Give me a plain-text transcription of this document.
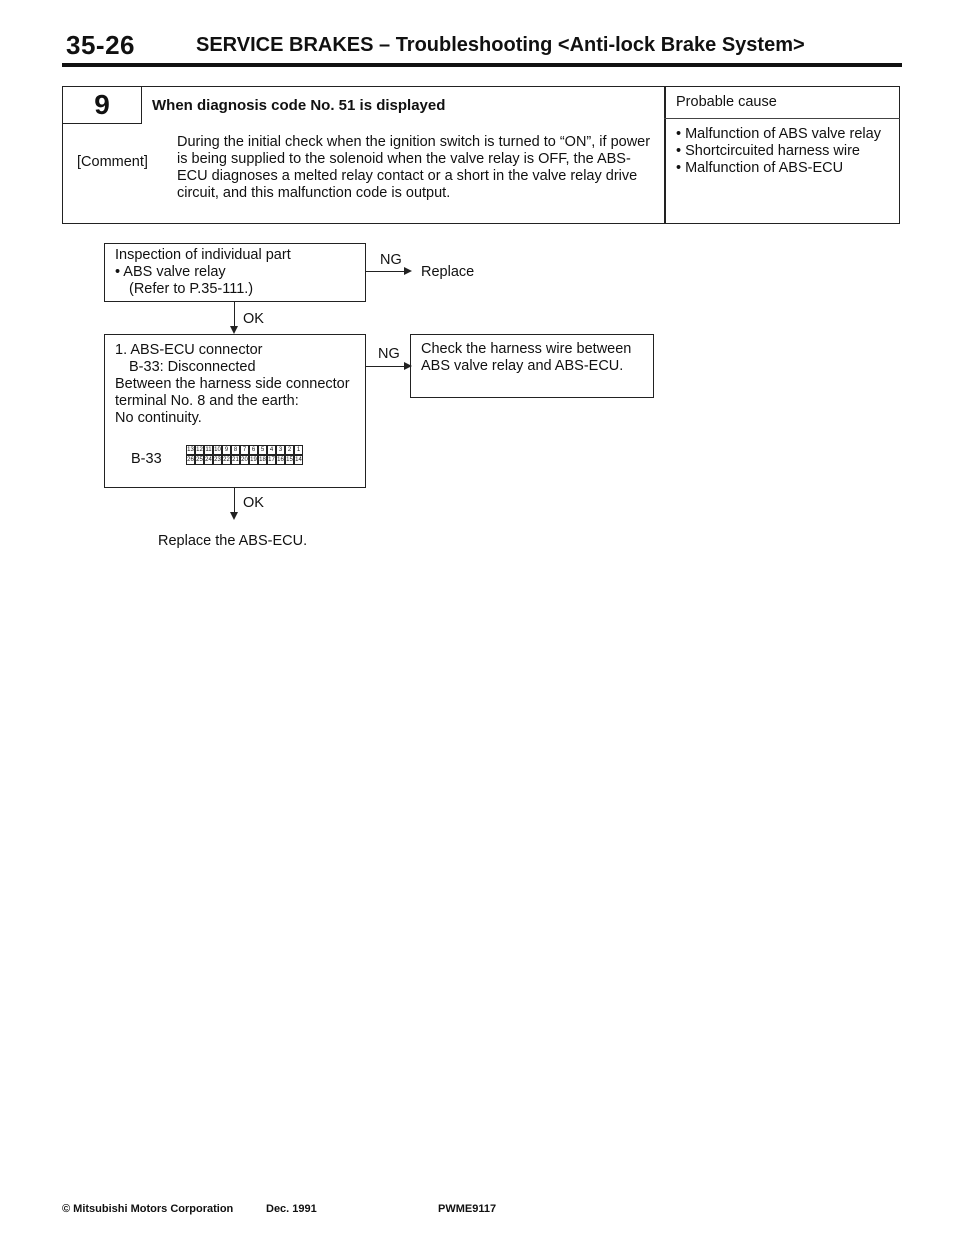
35-26	SERVICE BRAKES – Troubleshooting <Anti-lock Brake System>
9	When diagnosis code No. 51 is displayed
[Comment]
During the initial check when the ignition switch is turned to “ON”, if power is being supplied to the solenoid when the valve relay is OFF, the ABS-ECU diagnoses a melted relay contact or a short in the valve relay drive circuit, and this malfunction code is output.
Probable cause
• Malfunction of ABS valve relay
• Shortcircuited harness wire
• Malfunction of ABS-ECU
Inspection of individual part
• ABS valve relay
(Refer to P.35-111.)
NG
Replace
OK
1. ABS-ECU connector
B-33: Disconnected
Between the harness side connector terminal No. 8 and the earth:
No continuity.
B-33
13 12 11 10 9 8 7 6 5 4 3 2 1
26 25 24 23 22 21 20 19 18 17 16 15 14
NG Check the harness wire between ABS valve relay and ABS-ECU.
OK
Replace the ABS-ECU.
© Mitsubishi Motors Corporation	Dec. 1991	PWME9117
